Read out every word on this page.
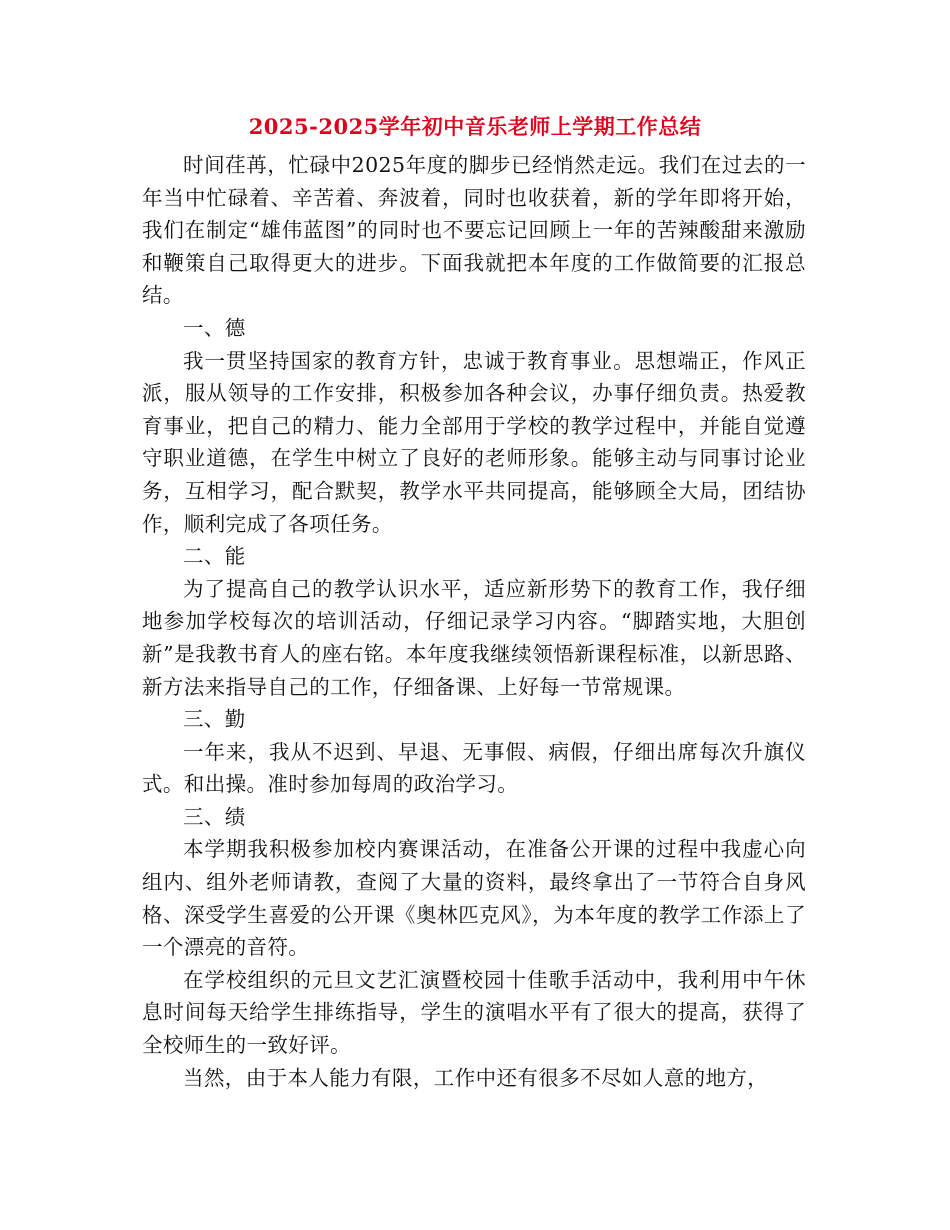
2025-2025学年初中音乐老师上学期工作总结

时间荏苒，忙碌中2025年度的脚步已经悄然走远。我们在过去的一年当中忙碌着、辛苦着、奔波着，同时也收获着，新的学年即将开始，我们在制定“雄伟蓝图”的同时也不要忘记回顾上一年的苦辣酸甜来激励和鞭策自己取得更大的进步。下面我就把本年度的工作做简要的汇报总结。

一、德

我一贯坚持国家的教育方针，忠诚于教育事业。思想端正，作风正派，服从领导的工作安排，积极参加各种会议，办事仔细负责。热爱教育事业，把自己的精力、能力全部用于学校的教学过程中，并能自觉遵守职业道德，在学生中树立了良好的老师形象。能够主动与同事讨论业务，互相学习，配合默契，教学水平共同提高，能够顾全大局，团结协作，顺利完成了各项任务。

二、能

为了提高自己的教学认识水平，适应新形势下的教育工作，我仔细地参加学校每次的培训活动，仔细记录学习内容。“脚踏实地，大胆创新”是我教书育人的座右铭。本年度我继续领悟新课程标准，以新思路、新方法来指导自己的工作，仔细备课、上好每一节常规课。

三、勤

一年来，我从不迟到、早退、无事假、病假，仔细出席每次升旗仪式。和出操。准时参加每周的政治学习。

三、绩

本学期我积极参加校内赛课活动，在准备公开课的过程中我虚心向组内、组外老师请教，查阅了大量的资料，最终拿出了一节符合自身风格、深受学生喜爱的公开课《奥林匹克风》，为本年度的教学工作添上了一个漂亮的音符。

在学校组织的元旦文艺汇演暨校园十佳歌手活动中，我利用中午休息时间每天给学生排练指导，学生的演唱水平有了很大的提高，获得了全校师生的一致好评。

当然，由于本人能力有限，工作中还有很多不尽如人意的地方，
